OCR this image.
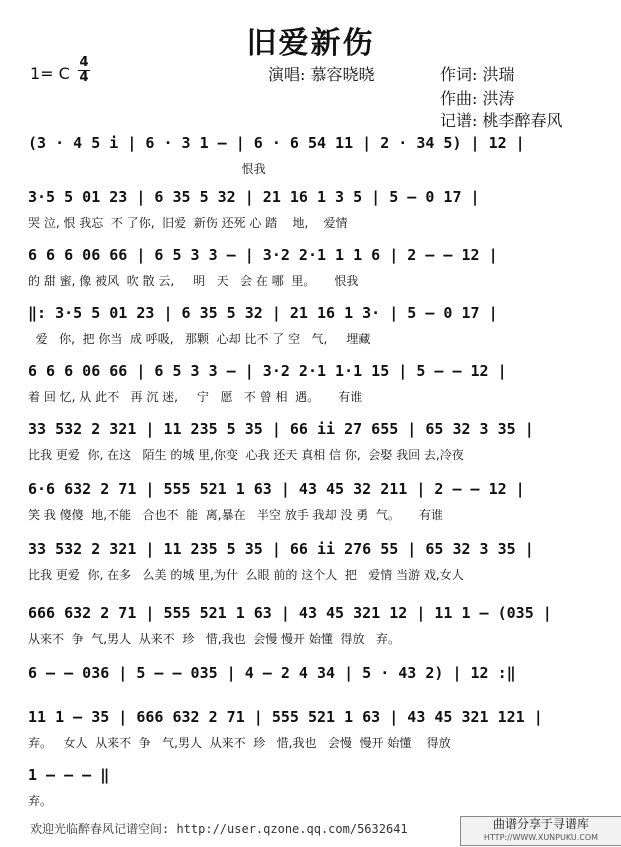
旧爱新伤
1= C
4
4	演唱: 慕容晓晓	作词: 洪瑞
作曲: 洪涛
记谱: 桃李醉春风
(3 · 4 5 i | 6 · 3 1 – | 6 · 6 54 11 | 2 · 34 5) | 12 |
恨我
3·5 5 01 23 | 6 35 5 32 | 21 16 1 3 5 | 5 – 0 17 |
哭 泣, 恨 我忘  不 了你,  旧爱  新伤 还死 心 踏    地,    爱情
6 6 6 06 66 | 6 5 3 3 – | 3·2 2·1 1 1 6 | 2 – – 12 |
的 甜 蜜, 像 被风  吹 散 云,     明   天   会 在 哪  里。     恨我
‖: 3·5 5 01 23 | 6 35 5 32 | 21 16 1 3· | 5 – 0 17 |
爱   你,  把 你当  成 呼吸,   那颗  心却 比不 了 空   气,     埋藏
6 6 6 06 66 | 6 5 3 3 – | 3·2 2·1 1·1 15 | 5 – – 12 |
着 回 忆, 从 此不   再 沉 迷,     宁   愿   不 曾 相  遇。     有谁
33 532 2 321 | 11 235 5 35 | 66 ii 27 655 | 65 32 3 35 |
比我 更爱  你, 在这   陌生 的城 里,你变  心我 还天 真相 信 你,  会娶 我回 去,冷夜
6·6 632 2 71 | 555 521 1 63 | 43 45 32 211 | 2 – – 12 |
笑 我 傻傻  地,不能   合也不  能  离,暴在   半空 放手 我却 没 勇  气。     有谁
33 532 2 321 | 11 235 5 35 | 66 ii 276 55 | 65 32 3 35 |
比我 更爱  你, 在多   么美 的城 里,为什  么眼 前的 这个人  把   爱情 当游 戏,女人
666 632 2 71 | 555 521 1 63 | 43 45 321 12 | 11 1 – (035 |
从来不  争  气,男人  从来不  珍   惜,我也  会慢 慢开 始懂  得放   弃。
6 – – 036 | 5 – – 035 | 4 – 2 4 34 | 5 · 43 2) | 12 :‖
11 1 – 35 | 666 632 2 71 | 555 521 1 63 | 43 45 321 121 |
弃。   女人  从来不  争   气,男人  从来不  珍   惜,我也   会慢  慢开 始懂    得放
1 – – – ‖
弃。
欢迎光临醉春风记谱空间: http://user.qzone.qq.com/5632641	曲谱分享于寻谱库
HTTP://WWW.XUNPUKU.COM
